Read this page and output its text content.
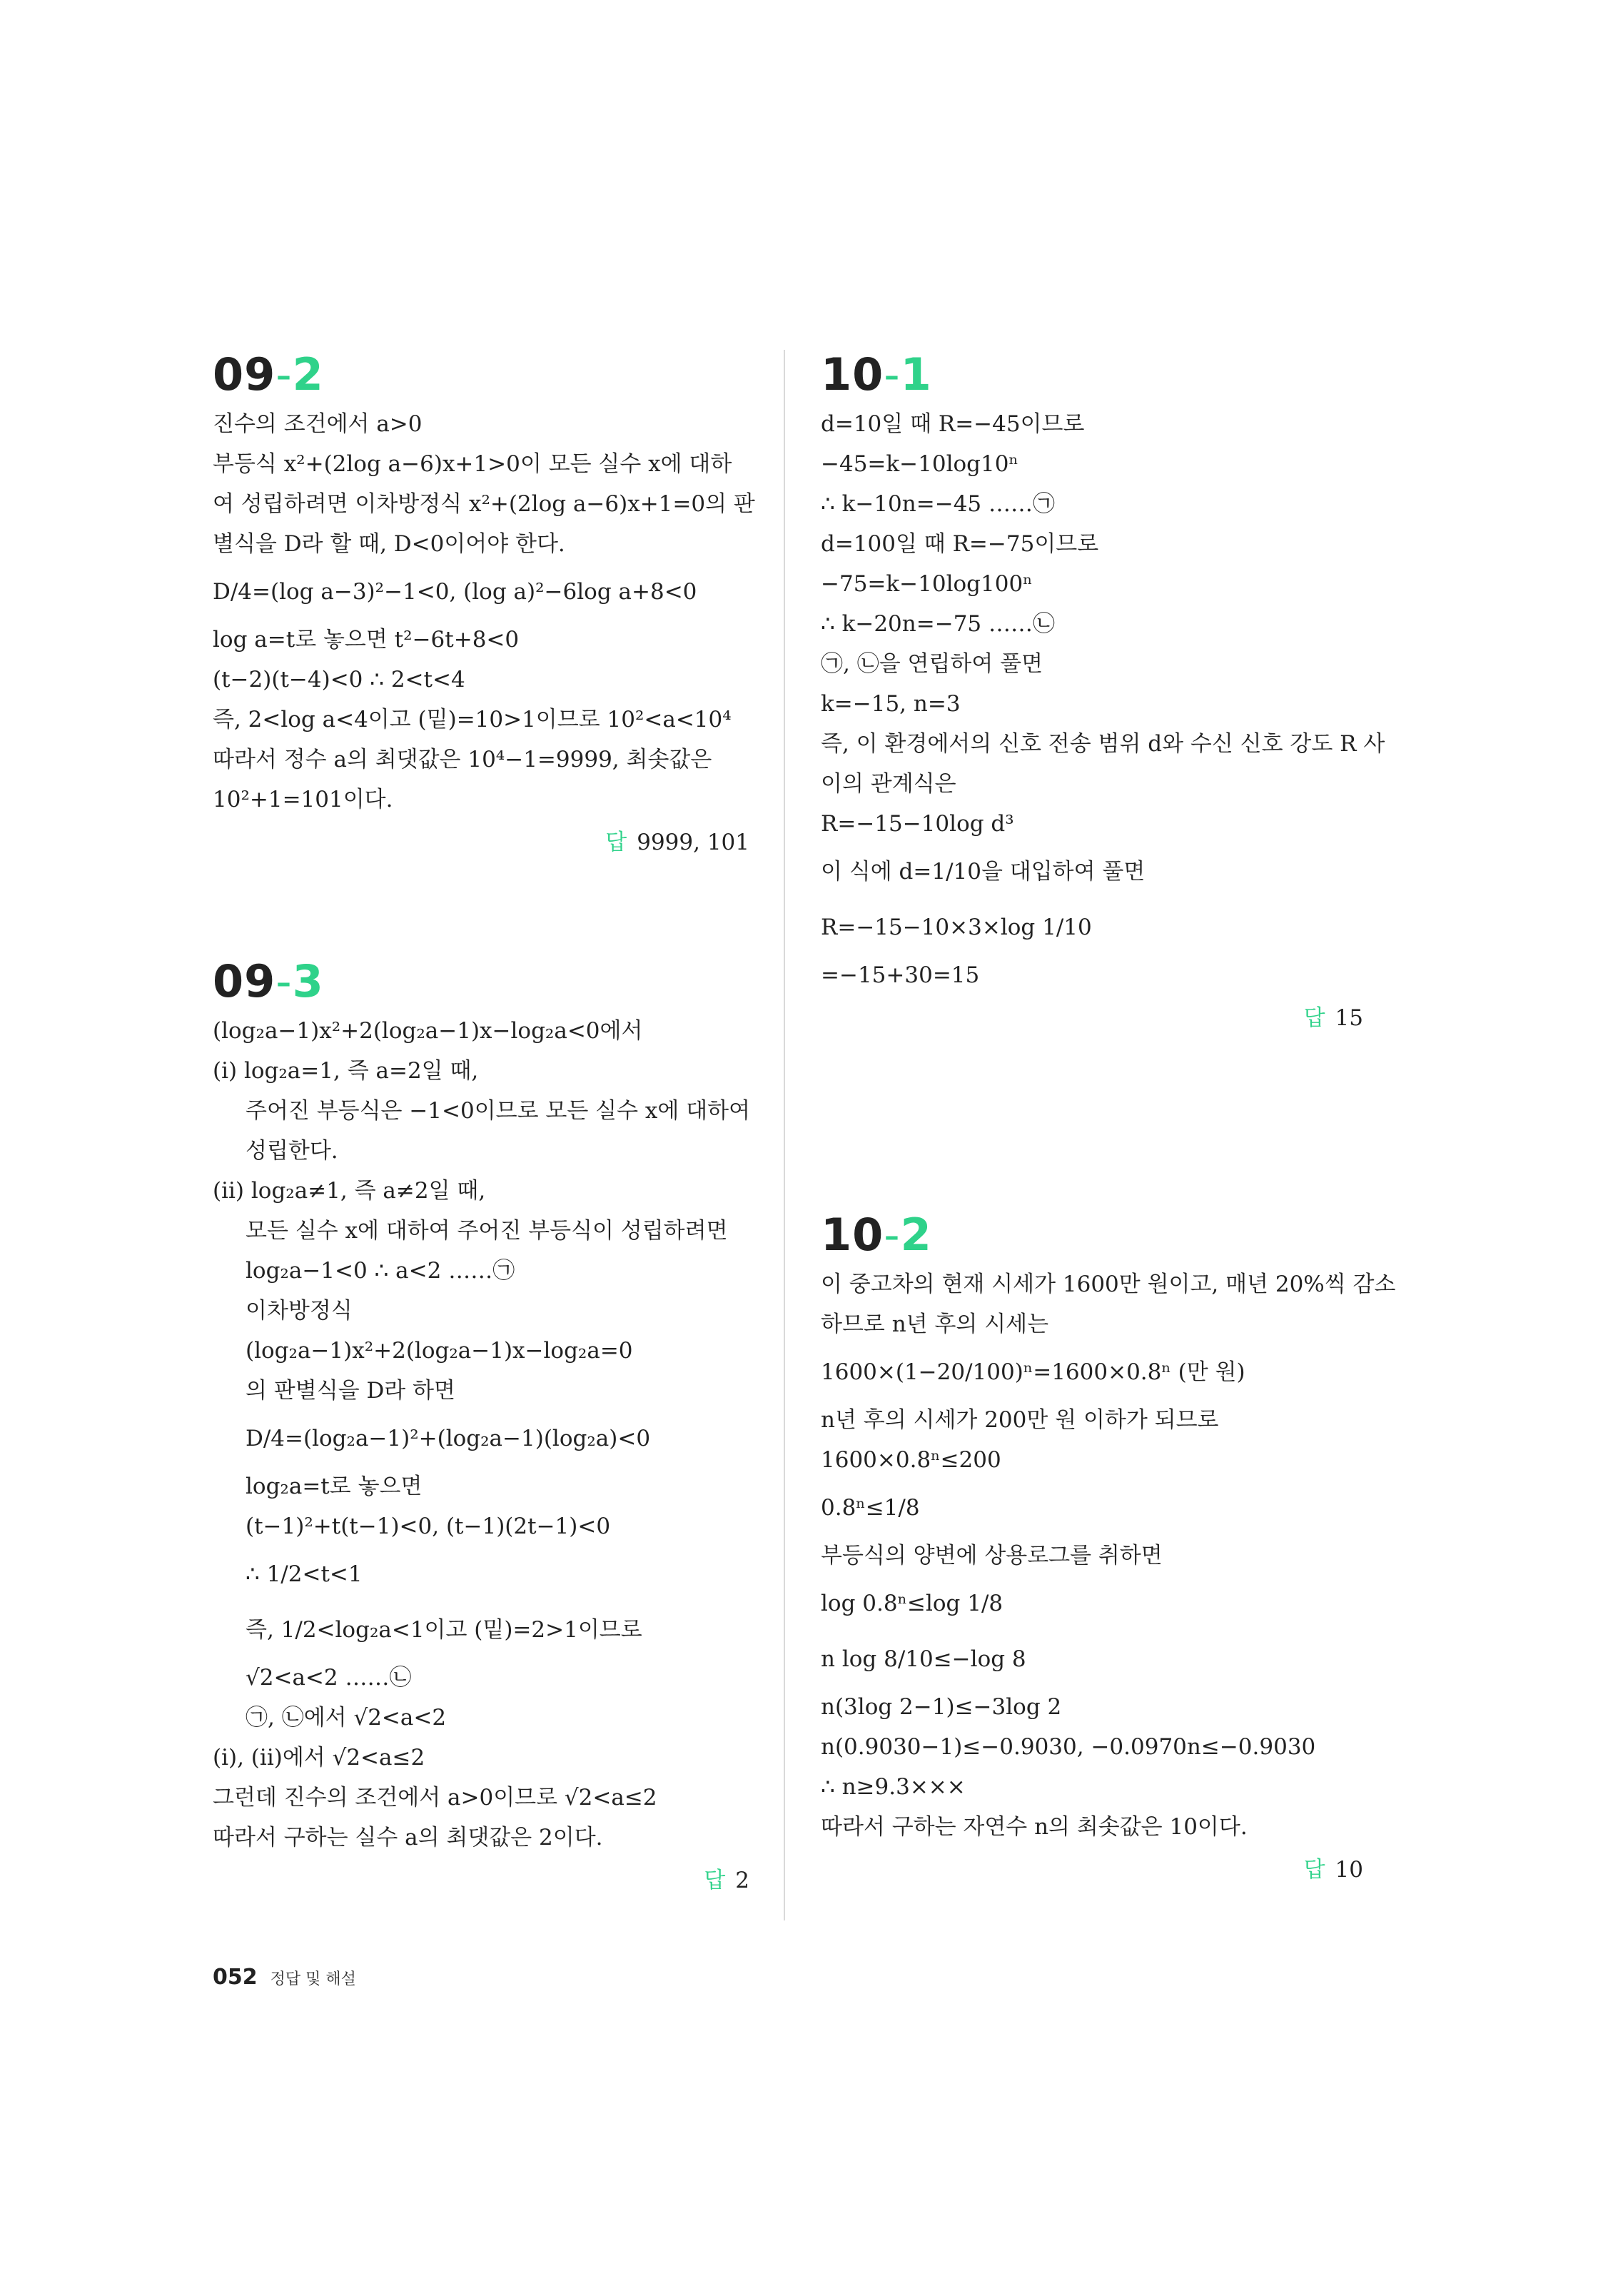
09-2
진수의 조건에서 a>0
부등식 x²+(2log a−6)x+1>0이 모든 실수 x에 대하
여 성립하려면 이차방정식 x²+(2log a−6)x+1=0의 판
별식을 D라 할 때, D<0이어야 한다.
D/4=(log a−3)²−1<0, (log a)²−6log a+8<0
log a=t로 놓으면 t²−6t+8<0
(t−2)(t−4)<0 ∴ 2<t<4
즉, 2<log a<4이고 (밑)=10>1이므로 10²<a<10⁴
따라서 정수 a의 최댓값은 10⁴−1=9999, 최솟값은
10²+1=101이다.
답 9999, 101
09-3
(log₂a−1)x²+2(log₂a−1)x−log₂a<0에서
(i) log₂a=1, 즉 a=2일 때,
주어진 부등식은 −1<0이므로 모든 실수 x에 대하여
성립한다.
(ii) log₂a≠1, 즉 a≠2일 때,
모든 실수 x에 대하여 주어진 부등식이 성립하려면
log₂a−1<0 ∴ a<2 ……㉠
이차방정식
(log₂a−1)x²+2(log₂a−1)x−log₂a=0
의 판별식을 D라 하면
D/4=(log₂a−1)²+(log₂a−1)(log₂a)<0
log₂a=t로 놓으면
(t−1)²+t(t−1)<0, (t−1)(2t−1)<0
∴ 1/2<t<1
즉, 1/2<log₂a<1이고 (밑)=2>1이므로
√2<a<2 ……㉡
㉠, ㉡에서 √2<a<2
(i), (ii)에서 √2<a≤2
그런데 진수의 조건에서 a>0이므로 √2<a≤2
따라서 구하는 실수 a의 최댓값은 2이다.
답 2
10-1
d=10일 때 R=−45이므로
−45=k−10log10ⁿ
∴ k−10n=−45 ……㉠
d=100일 때 R=−75이므로
−75=k−10log100ⁿ
∴ k−20n=−75 ……㉡
㉠, ㉡을 연립하여 풀면
k=−15, n=3
즉, 이 환경에서의 신호 전송 범위 d와 수신 신호 강도 R 사
이의 관계식은
R=−15−10log d³
이 식에 d=1/10을 대입하여 풀면
R=−15−10×3×log 1/10
=−15+30=15
답 15
10-2
이 중고차의 현재 시세가 1600만 원이고, 매년 20%씩 감소
하므로 n년 후의 시세는
1600×(1−20/100)ⁿ=1600×0.8ⁿ (만 원)
n년 후의 시세가 200만 원 이하가 되므로
1600×0.8ⁿ≤200
0.8ⁿ≤1/8
부등식의 양변에 상용로그를 취하면
log 0.8ⁿ≤log 1/8
n log 8/10≤−log 8
n(3log 2−1)≤−3log 2
n(0.9030−1)≤−0.9030, −0.0970n≤−0.9030
∴ n≥9.3×××
따라서 구하는 자연수 n의 최솟값은 10이다.
답 10
052 정답 및 해설
